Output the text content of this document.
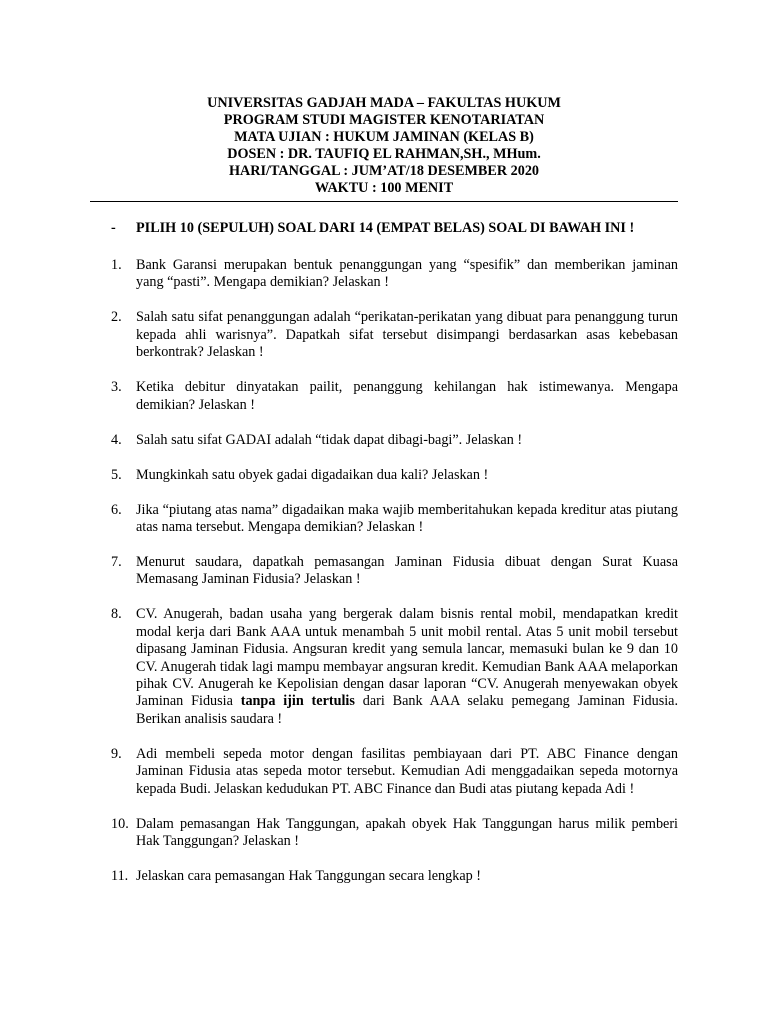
UNIVERSITAS GADJAH MADA – FAKULTAS HUKUM
PROGRAM STUDI MAGISTER KENOTARIATAN
MATA UJIAN : HUKUM JAMINAN (KELAS B)
DOSEN : DR. TAUFIQ EL RAHMAN,SH., MHum.
HARI/TANGGAL : JUM’AT/18 DESEMBER 2020
WAKTU : 100 MENIT
- PILIH 10 (SEPULUH) SOAL DARI 14 (EMPAT BELAS) SOAL DI BAWAH INI !
1. Bank Garansi merupakan bentuk penanggungan yang “spesifik” dan memberikan jaminan yang “pasti”. Mengapa demikian? Jelaskan !
2. Salah satu sifat penanggungan adalah “perikatan-perikatan yang dibuat para penanggung turun kepada ahli warisnya”. Dapatkah sifat tersebut disimpangi berdasarkan asas kebebasan berkontrak? Jelaskan !
3. Ketika debitur dinyatakan pailit, penanggung kehilangan hak istimewanya. Mengapa demikian? Jelaskan !
4. Salah satu sifat GADAI adalah “tidak dapat dibagi-bagi”. Jelaskan !
5. Mungkinkah satu obyek gadai digadaikan dua kali? Jelaskan !
6. Jika “piutang atas nama” digadaikan maka wajib memberitahukan kepada kreditur atas piutang atas nama tersebut. Mengapa demikian? Jelaskan !
7. Menurut saudara, dapatkah pemasangan Jaminan Fidusia dibuat dengan Surat Kuasa Memasang Jaminan Fidusia? Jelaskan !
8. CV. Anugerah, badan usaha yang bergerak dalam bisnis rental mobil, mendapatkan kredit modal kerja dari Bank AAA untuk menambah 5 unit mobil rental. Atas 5 unit mobil tersebut dipasang Jaminan Fidusia. Angsuran kredit yang semula lancar, memasuki bulan ke 9 dan 10 CV. Anugerah tidak lagi mampu membayar angsuran kredit. Kemudian Bank AAA melaporkan pihak CV. Anugerah ke Kepolisian dengan dasar laporan “CV. Anugerah menyewakan obyek Jaminan Fidusia tanpa ijin tertulis dari Bank AAA selaku pemegang Jaminan Fidusia. Berikan analisis saudara !
9. Adi membeli sepeda motor dengan fasilitas pembiayaan dari PT. ABC Finance dengan Jaminan Fidusia atas sepeda motor tersebut. Kemudian Adi menggadaikan sepeda motornya kepada Budi. Jelaskan kedudukan PT. ABC Finance dan Budi atas piutang kepada Adi !
10. Dalam pemasangan Hak Tanggungan, apakah obyek Hak Tanggungan harus milik pemberi Hak Tanggungan? Jelaskan !
11. Jelaskan cara pemasangan Hak Tanggungan secara lengkap !
